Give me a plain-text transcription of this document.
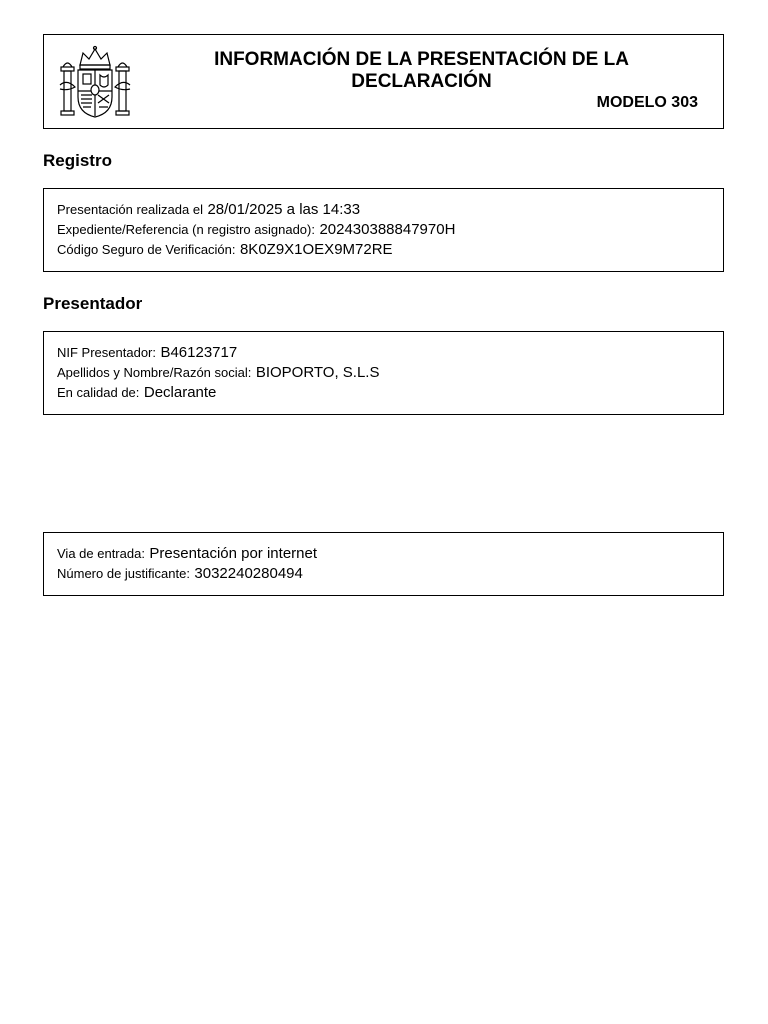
INFORMACIÓN DE LA PRESENTACIÓN DE LA DECLARACIÓN
MODELO 303
Registro
Presentación realizada el 28/01/2025 a las 14:33
Expediente/Referencia (n registro asignado): 202430388847970H
Código Seguro de Verificación: 8K0Z9X1OEX9M72RE
Presentador
NIF Presentador: B46123717
Apellidos y Nombre/Razón social: BIOPORTO, S.L.S
En calidad de: Declarante
Via de entrada: Presentación por internet
Número de justificante: 3032240280494
